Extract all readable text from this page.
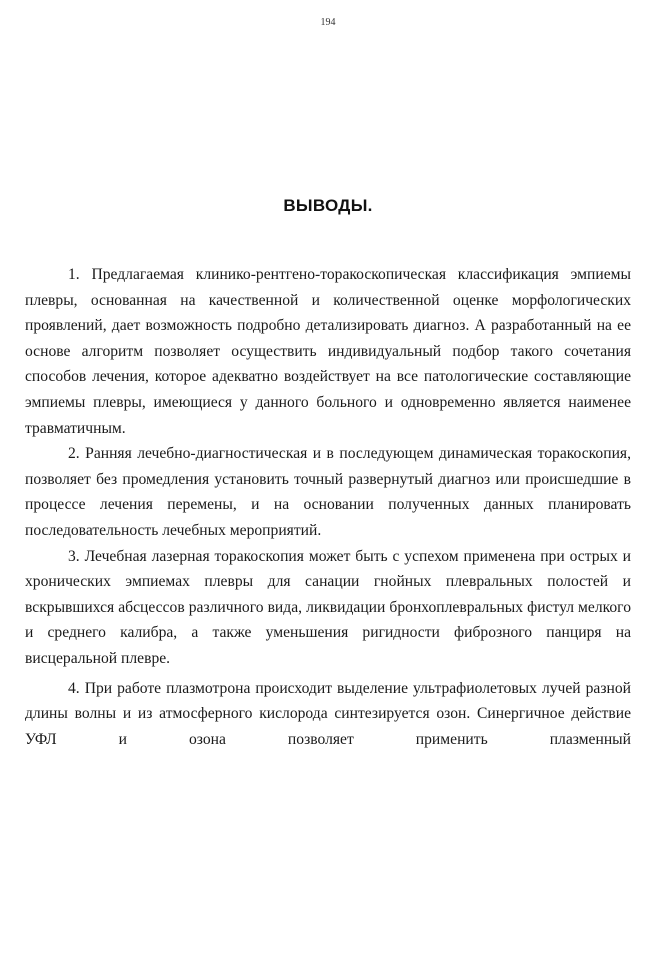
194
ВЫВОДЫ.

1. Предлагаемая клинико-рентгено-торакоскопическая классификация эмпиемы плевры, основанная на качественной и количественной оценке морфологических проявлений, дает возможность подробно детализировать диагноз. А разработанный на ее основе алгоритм позволяет осуществить индивидуальный подбор такого сочетания способов лечения, которое адекватно воздействует на все патологические составляющие эмпиемы плевры, имеющиеся у данного больного и одновременно является наименее травматичным.

2. Ранняя лечебно-диагностическая и в последующем динамическая торакоскопия, позволяет без промедления установить точный развернутый диагноз или происшедшие в процессе лечения перемены, и на основании полученных данных планировать последовательность лечебных мероприятий.

3. Лечебная лазерная торакоскопия может быть с успехом применена при острых и хронических эмпиемах плевры для санации гнойных плевральных полостей и вскрывшихся абсцессов различного вида, ликвидации бронхоплевральных фистул мелкого и среднего калибра, а также уменьшения ригидности фиброзного панциря на висцеральной плевре.

4. При работе плазмотрона происходит выделение ультрафиолетовых лучей разной длины волны и из атмосферного кислорода синтезируется озон. Синергичное действие УФЛ и озона позволяет применить плазменный
